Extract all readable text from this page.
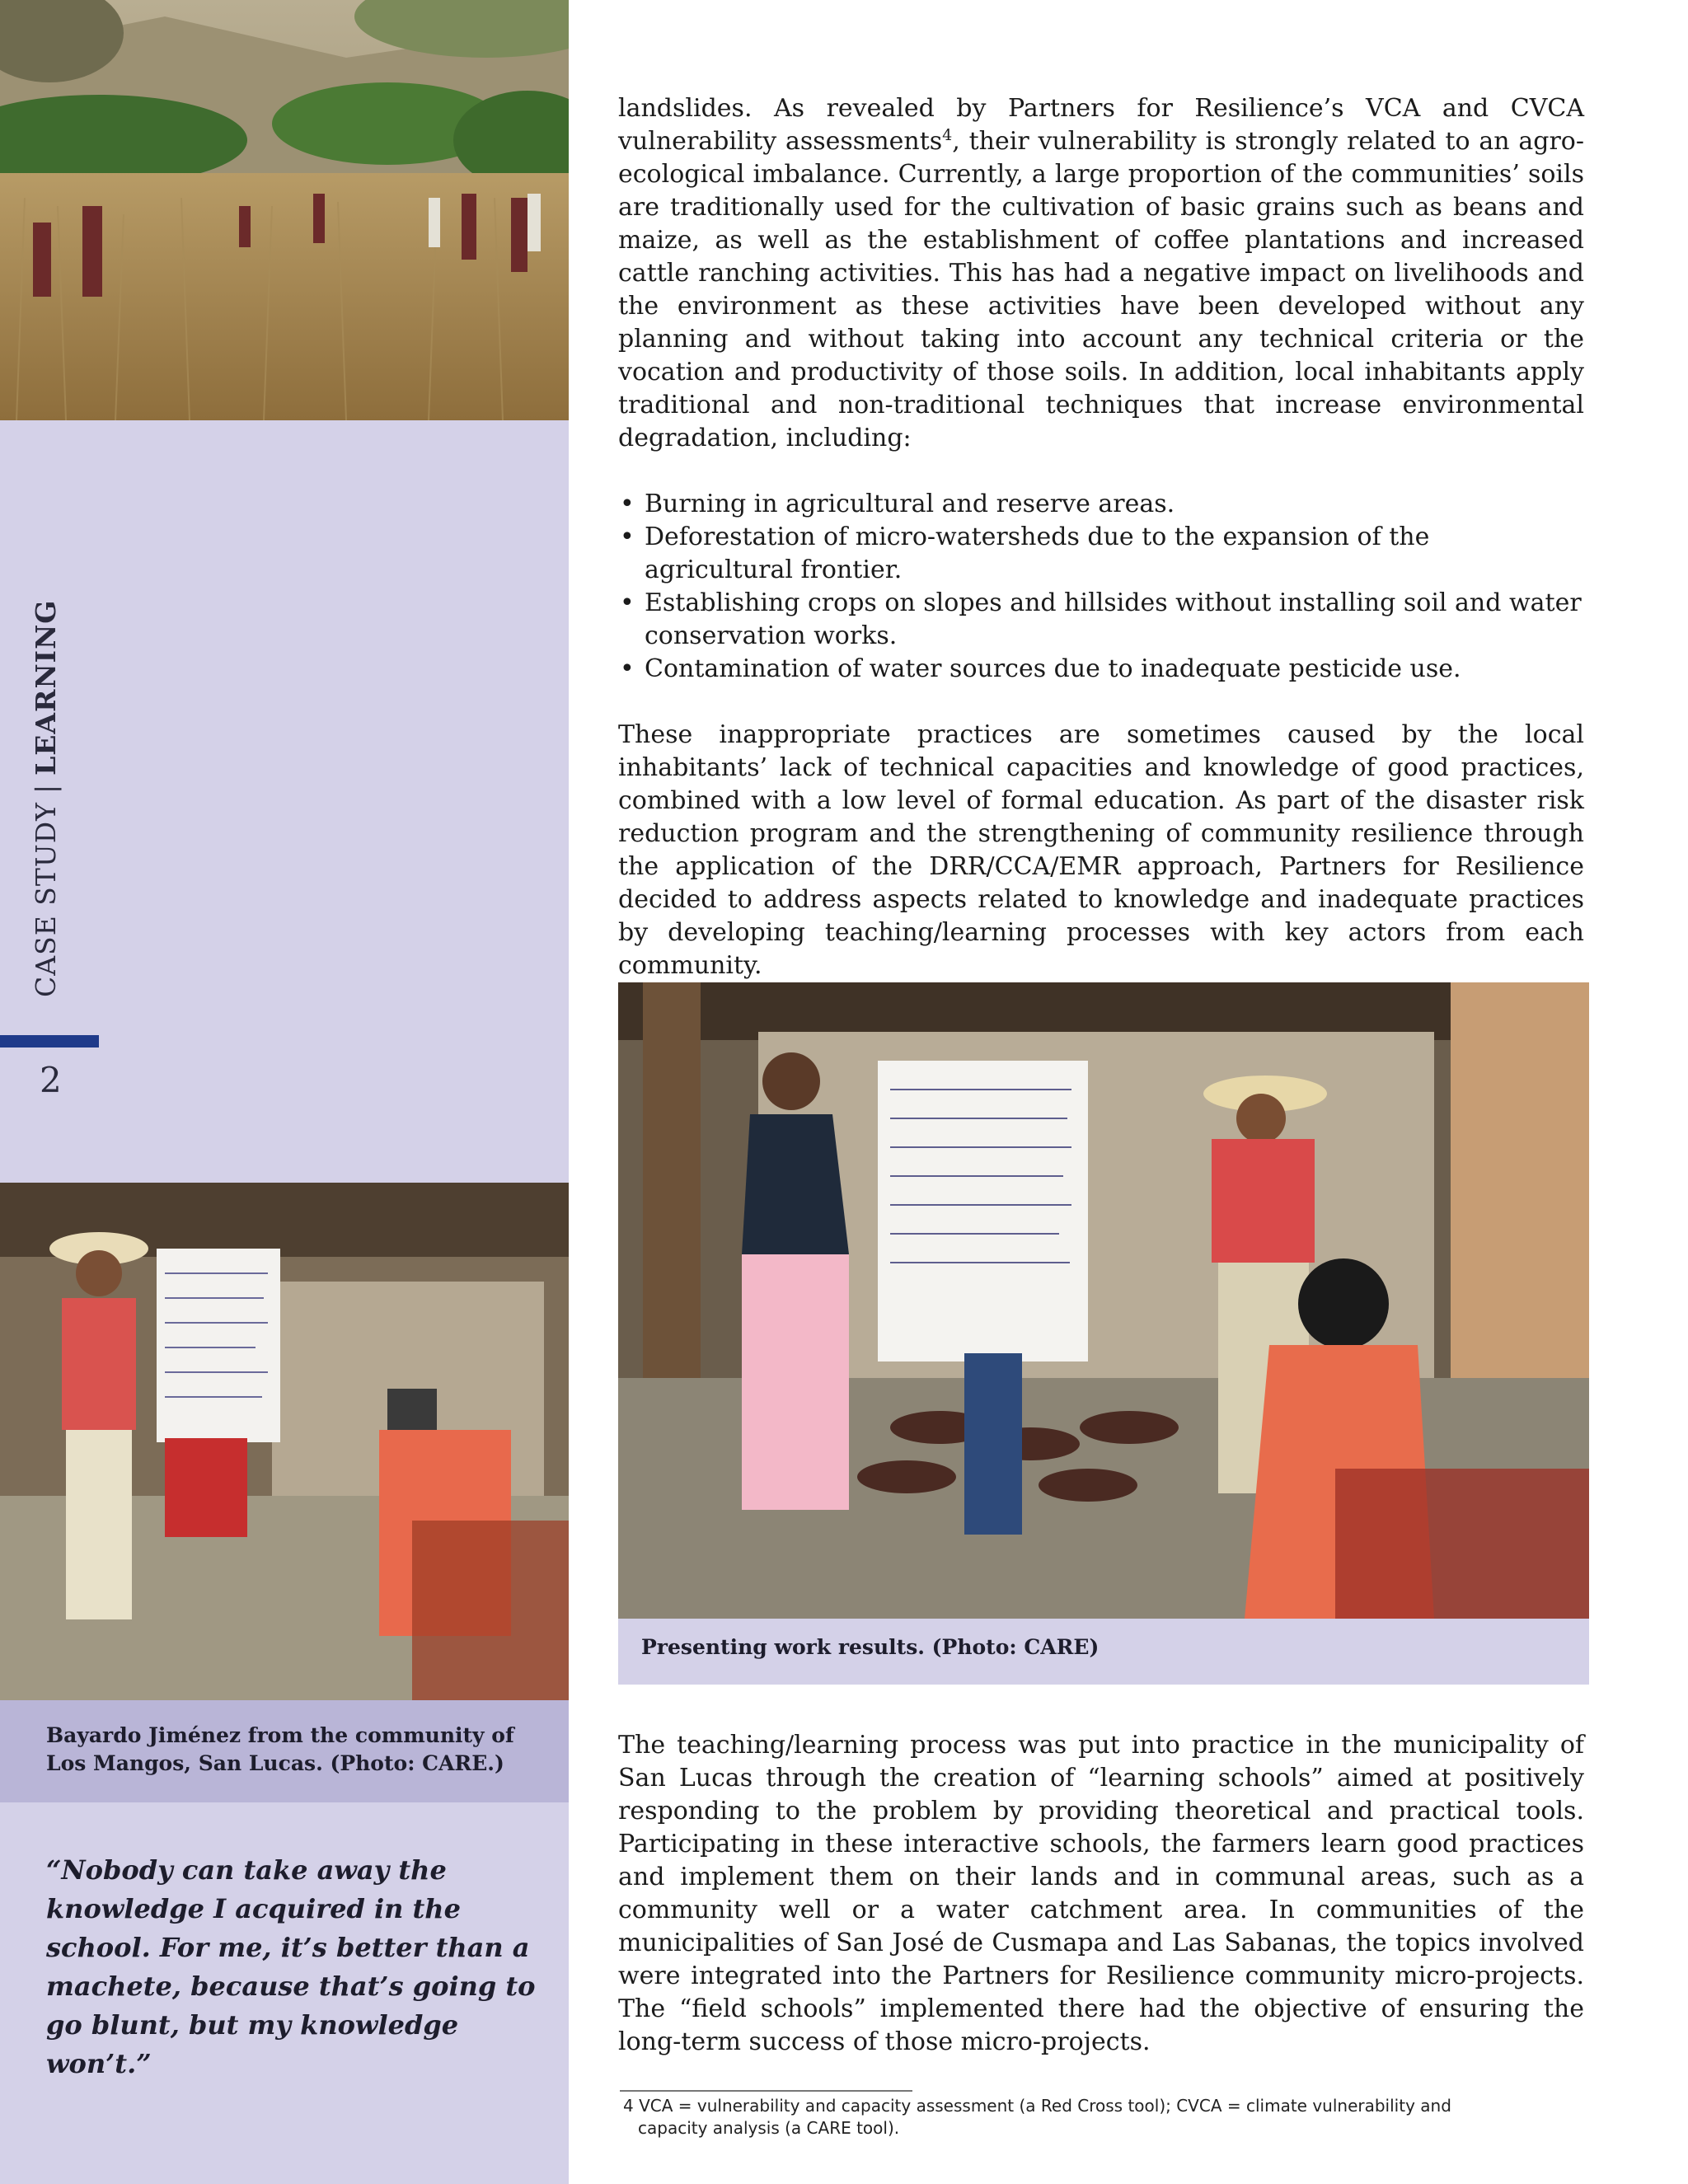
CASE STUDY|LEARNING
2
Bayardo Jiménez from the community of Los Mangos, San Lucas. (Photo: CARE.)
“Nobody can take away the knowledge I acquired in the school. For me, it’s better than a machete, because that’s going to go blunt, but my knowledge won’t.”

landslides. As revealed by Partners for Resilience’s VCA and CVCA vulnerability assessments$^4$, their vulnerability is strongly related to an agro-ecological imbalance. Currently, a large proportion of the communities’ soils are traditionally used for the cultivation of basic grains such as beans and maize, as well as the establishment of coffee plantations and increased cattle ranching activities. This has had a negative impact on livelihoods and the environment as these activities have been developed without any planning and without taking into account any technical criteria or the vocation and productivity of those soils. In addition, local inhabitants apply traditional and non-traditional techniques that increase environmental degradation, including:

• Burning in agricultural and reserve areas.
• Deforestation of micro-watersheds due to the expansion of the agricultural frontier.
• Establishing crops on slopes and hillsides without installing soil and water conservation works.
• Contamination of water sources due to inadequate pesticide use.

These inappropriate practices are sometimes caused by the local inhabitants’ lack of technical capacities and knowledge of good practices, combined with a low level of formal education. As part of the disaster risk reduction program and the strengthening of community resilience through the application of the DRR/CCA/EMR approach, Partners for Resilience decided to address aspects related to knowledge and inadequate practices by developing teaching/learning processes with key actors from each community.

Presenting work results. (Photo: CARE)

The teaching/learning process was put into practice in the municipality of San Lucas through the creation of “learning schools” aimed at positively responding to the problem by providing theoretical and practical tools. Participating in these interactive schools, the farmers learn good practices and implement them on their lands and in communal areas, such as a community well or a water catchment area. In communities of the municipalities of San José de Cusmapa and Las Sabanas, the topics involved were integrated into the Partners for Resilience community micro-projects. The “field schools” implemented there had the objective of ensuring the long-term success of those micro-projects.

4 VCA = vulnerability and capacity assessment (a Red Cross tool); CVCA = climate vulnerability and
capacity analysis (a CARE tool).
